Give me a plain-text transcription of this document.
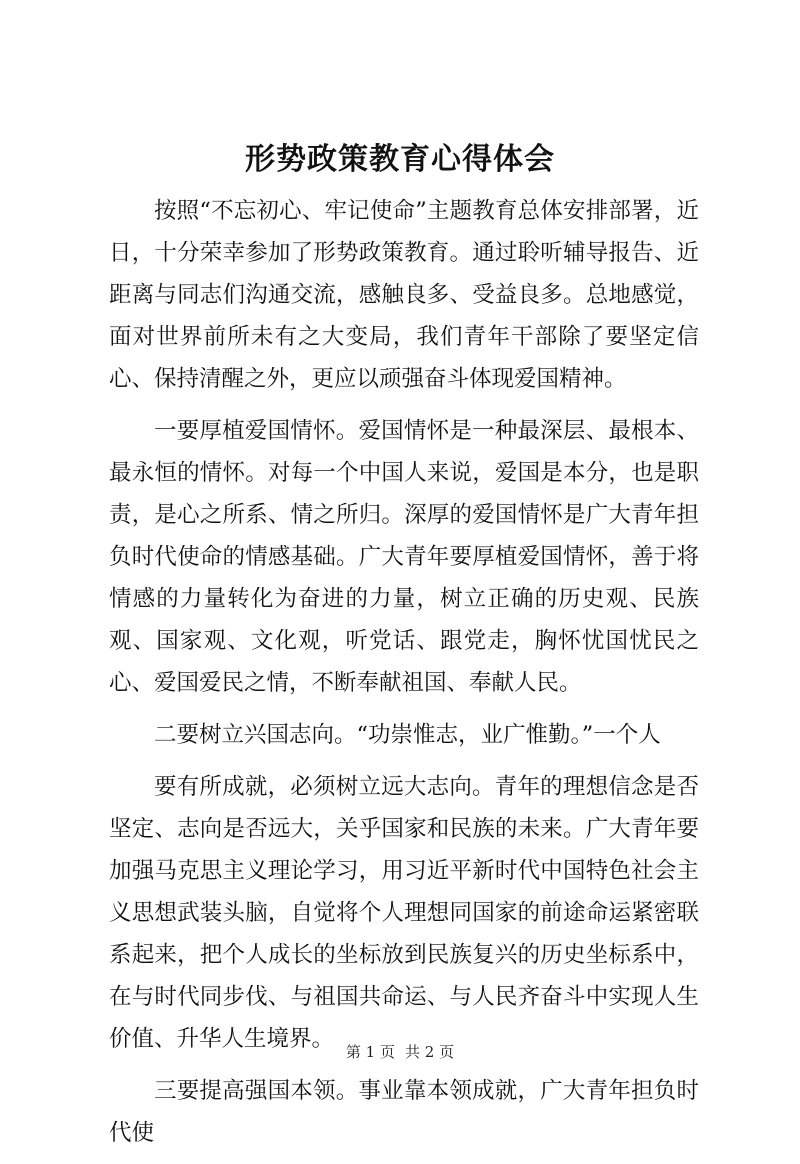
形势政策教育心得体会

按照“不忘初心、牢记使命”主题教育总体安排部署，近日，十分荣幸参加了形势政策教育。通过聆听辅导报告、近距离与同志们沟通交流，感触良多、受益良多。总地感觉，面对世界前所未有之大变局，我们青年干部除了要坚定信心、保持清醒之外，更应以顽强奋斗体现爱国精神。

一要厚植爱国情怀。爱国情怀是一种最深层、最根本、最永恒的情怀。对每一个中国人来说，爱国是本分，也是职责，是心之所系、情之所归。深厚的爱国情怀是广大青年担负时代使命的情感基础。广大青年要厚植爱国情怀，善于将情感的力量转化为奋进的力量，树立正确的历史观、民族观、国家观、文化观，听党话、跟党走，胸怀忧国忧民之心、爱国爱民之情，不断奉献祖国、奉献人民。

二要树立兴国志向。“功崇惟志，业广惟勤。”一个人

要有所成就，必须树立远大志向。青年的理想信念是否坚定、志向是否远大，关乎国家和民族的未来。广大青年要加强马克思主义理论学习，用习近平新时代中国特色社会主义思想武装头脑，自觉将个人理想同国家的前途命运紧密联系起来，把个人成长的坐标放到民族复兴的历史坐标系中，在与时代同步伐、与祖国共命运、与人民齐奋斗中实现人生价值、升华人生境界。

三要提高强国本领。事业靠本领成就，广大青年担负时代使

第 1 页 共 2 页
